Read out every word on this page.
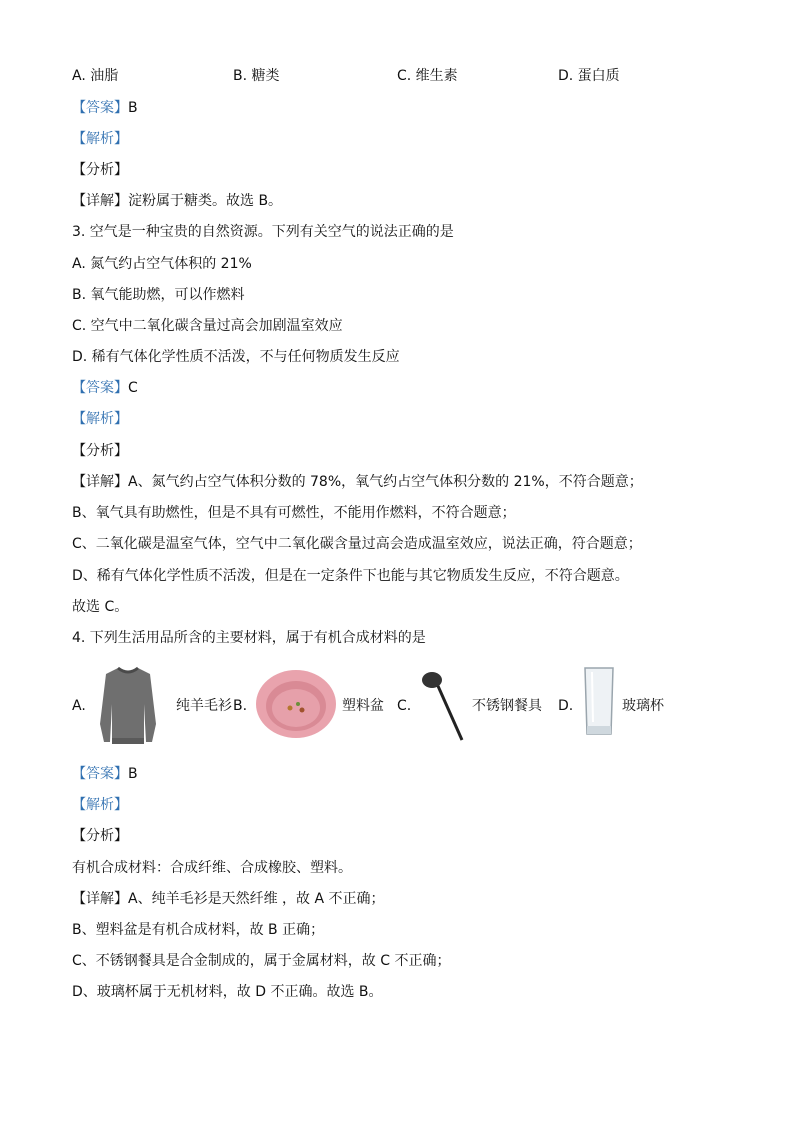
A. 油脂	B. 糖类	C. 维生素	D. 蛋白质
【答案】B
【解析】
【分析】
【详解】淀粉属于糖类。故选 B。
3. 空气是一种宝贵的自然资源。下列有关空气的说法正确的是
A. 氮气约占空气体积的 21%
B. 氧气能助燃，可以作燃料
C. 空气中二氧化碳含量过高会加剧温室效应
D. 稀有气体化学性质不活泼，不与任何物质发生反应
【答案】C
【解析】
【分析】
【详解】A、氮气约占空气体积分数的 78%，氧气约占空气体积分数的 21%，不符合题意；
B、氧气具有助燃性，但是不具有可燃性，不能用作燃料，不符合题意；
C、二氧化碳是温室气体，空气中二氧化碳含量过高会造成温室效应，说法正确，符合题意；
D、稀有气体化学性质不活泼，但是在一定条件下也能与其它物质发生反应，不符合题意。
故选 C。
4. 下列生活用品所含的主要材料，属于有机合成材料的是
A.	纯羊毛衫 B.	塑料盆 C.	不锈钢餐具 D.	玻璃杯
【答案】B
【解析】
【分析】
有机合成材料：合成纤维、合成橡胶、塑料。
【详解】A、纯羊毛衫是天然纤维 ，故 A 不正确；
B、塑料盆是有机合成材料，故 B 正确；
C、不锈钢餐具是合金制成的，属于金属材料，故 C 不正确；
D、玻璃杯属于无机材料，故 D 不正确。故选 B。
